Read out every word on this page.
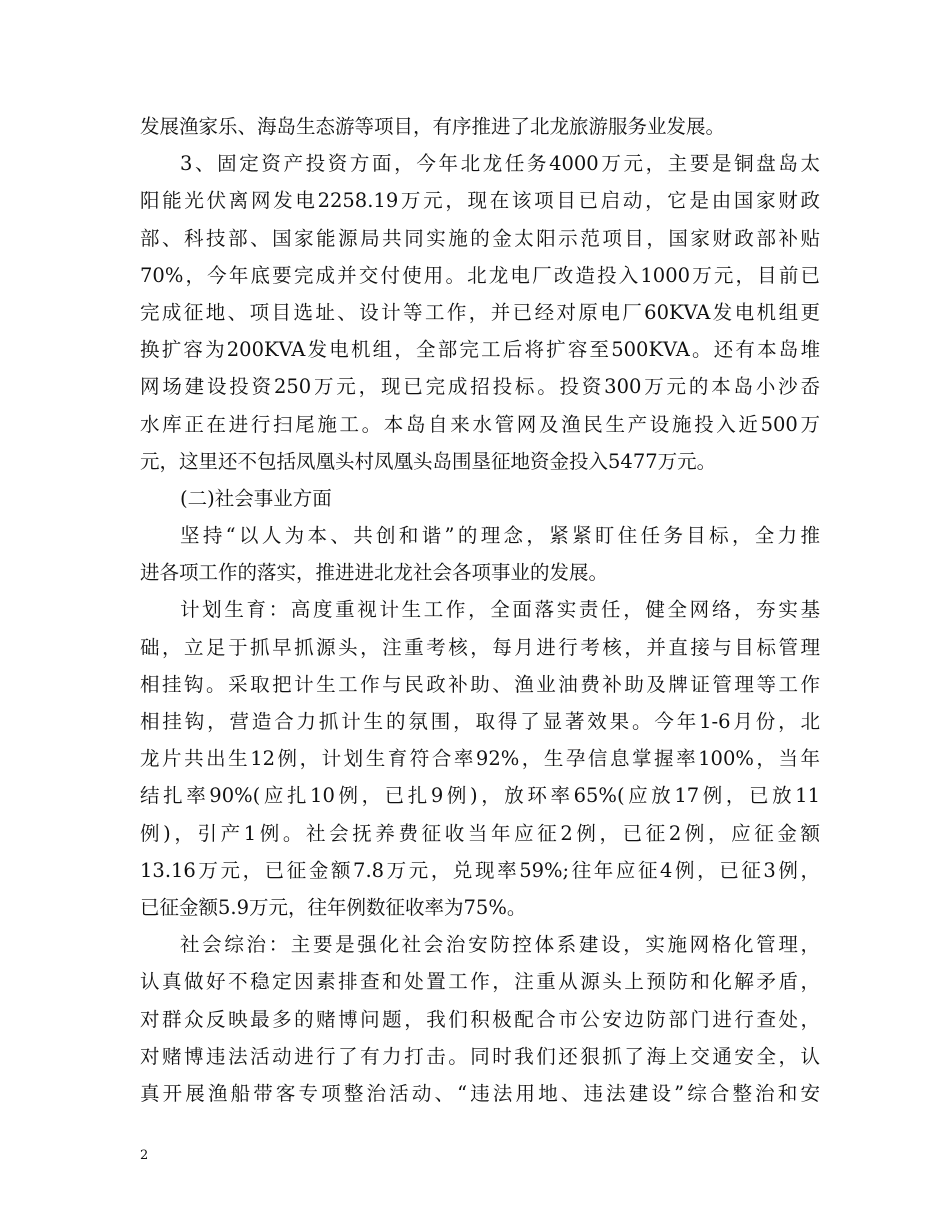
发展渔家乐、海岛生态游等项目，有序推进了北龙旅游服务业发展。
3、固定资产投资方面，今年北龙任务4000万元，主要是铜盘岛太
阳能光伏离网发电2258.19万元，现在该项目已启动，它是由国家财政
部、科技部、国家能源局共同实施的金太阳示范项目，国家财政部补贴
70%，今年底要完成并交付使用。北龙电厂改造投入1000万元，目前已
完成征地、项目选址、设计等工作，并已经对原电厂60KVA发电机组更
换扩容为200KVA发电机组，全部完工后将扩容至500KVA。还有本岛堆
网场建设投资250万元，现已完成招投标。投资300万元的本岛小沙岙
水库正在进行扫尾施工。本岛自来水管网及渔民生产设施投入近500万
元，这里还不包括凤凰头村凤凰头岛围垦征地资金投入5477万元。
(二)社会事业方面
坚持“以人为本、共创和谐”的理念，紧紧盯住任务目标，全力推
进各项工作的落实，推进进北龙社会各项事业的发展。
计划生育：高度重视计生工作，全面落实责任，健全网络，夯实基
础，立足于抓早抓源头，注重考核，每月进行考核，并直接与目标管理
相挂钩。采取把计生工作与民政补助、渔业油费补助及牌证管理等工作
相挂钩，营造合力抓计生的氛围，取得了显著效果。今年1-6月份，北
龙片共出生12例，计划生育符合率92%，生孕信息掌握率100%，当年
结扎率90%(应扎10例，已扎9例)，放环率65%(应放17例，已放11
例)，引产1例。社会抚养费征收当年应征2例，已征2例，应征金额
13.16万元，已征金额7.8万元，兑现率59%;往年应征4例，已征3例，
已征金额5.9万元，往年例数征收率为75%。
社会综治：主要是强化社会治安防控体系建设，实施网格化管理，
认真做好不稳定因素排查和处置工作，注重从源头上预防和化解矛盾，
对群众反映最多的赌博问题，我们积极配合市公安边防部门进行查处，
对赌博违法活动进行了有力打击。同时我们还狠抓了海上交通安全，认
真开展渔船带客专项整治活动、“违法用地、违法建设”综合整治和安
2
